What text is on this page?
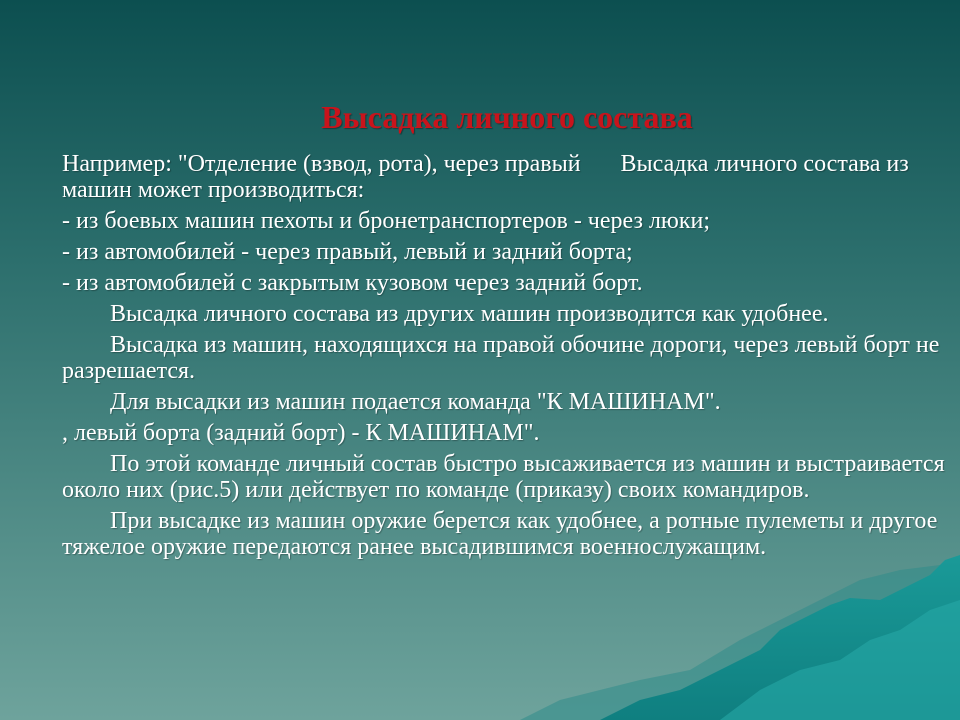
Высадка личного состава

Например: "Отделение (взвод, рота), через правый Высадка личного состава из машин может производиться:

- из боевых машин пехоты и бронетранспортеров - через люки;

- из автомобилей - через правый, левый и задний борта;

- из автомобилей с закрытым кузовом через задний борт.

Высадка личного состава из других машин производится как удобнее.

Высадка из машин, находящихся на правой обочине дороги, через левый борт не разрешается.

Для высадки из машин подается команда "К МАШИНАМ".

, левый борта (задний борт) - К МАШИНАМ".

По этой команде личный состав быстро высаживается из машин и выстраивается около них (рис.5) или действует по команде (приказу) своих командиров.

При высадке из машин оружие берется как удобнее, а ротные пулеметы и другое тяжелое оружие передаются ранее высадившимся военнослужащим.
